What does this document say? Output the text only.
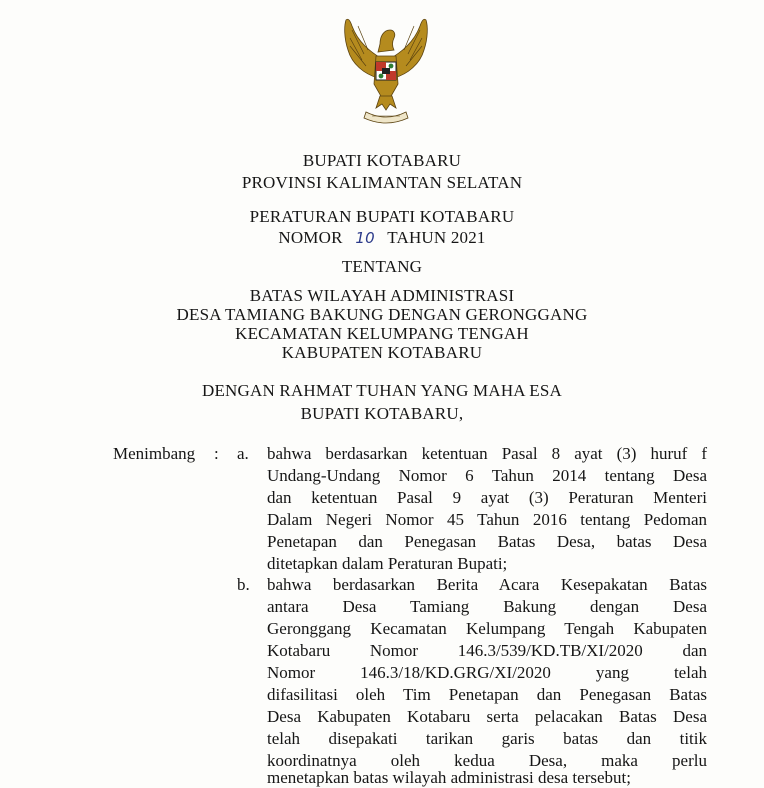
BUPATI KOTABARU
PROVINSI KALIMANTAN SELATAN
PERATURAN BUPATI KOTABARU
NOMOR 10 TAHUN 2021
TENTANG
BATAS WILAYAH ADMINISTRASI
DESA TAMIANG BAKUNG DENGAN GERONGGANG
KECAMATAN KELUMPANG TENGAH
KABUPATEN KOTABARU
DENGAN RAHMAT TUHAN YANG MAHA ESA
BUPATI KOTABARU,
Menimbang : a. bahwa berdasarkan ketentuan Pasal 8 ayat (3) huruf f
Undang-Undang Nomor 6 Tahun 2014 tentang Desa
dan ketentuan Pasal 9 ayat (3) Peraturan Menteri
Dalam Negeri Nomor 45 Tahun 2016 tentang Pedoman
Penetapan dan Penegasan Batas Desa, batas Desa
ditetapkan dalam Peraturan Bupati;
b. bahwa berdasarkan Berita Acara Kesepakatan Batas
antara Desa Tamiang Bakung dengan Desa
Geronggang Kecamatan Kelumpang Tengah Kabupaten
Kotabaru Nomor 146.3/539/KD.TB/XI/2020 dan
Nomor 146.3/18/KD.GRG/XI/2020 yang telah
difasilitasi oleh Tim Penetapan dan Penegasan Batas
Desa Kabupaten Kotabaru serta pelacakan Batas Desa
telah disepakati tarikan garis batas dan titik
koordinatnya oleh kedua Desa, maka perlu
menetapkan batas wilayah administrasi desa tersebut;
